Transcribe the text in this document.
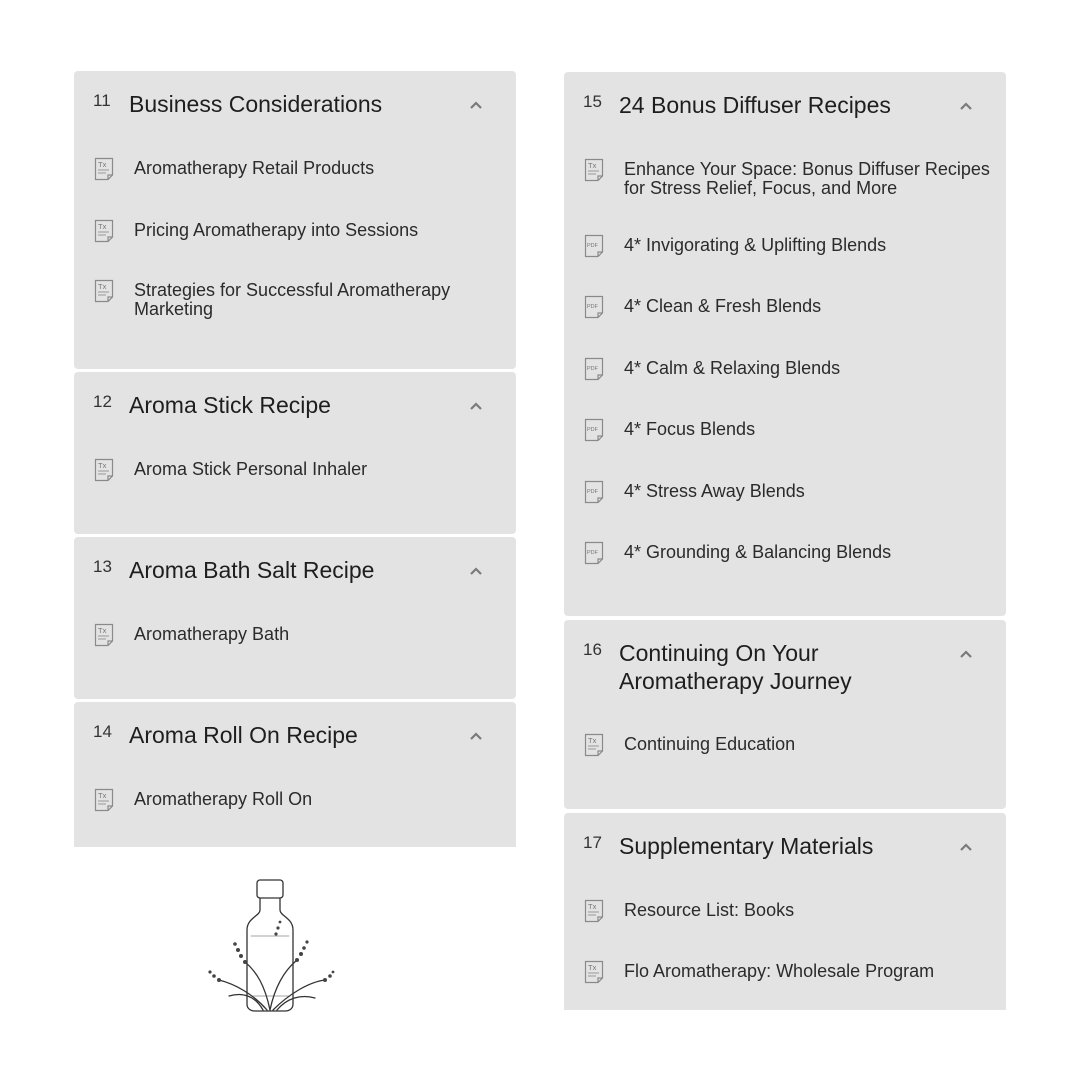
11 Business Considerations
Tx Aromatherapy Retail Products
Tx Pricing Aromatherapy into Sessions
Tx Strategies for Successful Aromatherapy Marketing
12 Aroma Stick Recipe
Tx Aroma Stick Personal Inhaler
13 Aroma Bath Salt Recipe
Tx Aromatherapy Bath
14 Aroma Roll On Recipe
Tx Aromatherapy Roll On
15 24 Bonus Diffuser Recipes
Tx Enhance Your Space: Bonus Diffuser Recipes for Stress Relief, Focus, and More
PDF 4* Invigorating & Uplifting Blends
PDF 4* Clean & Fresh Blends
PDF 4* Calm & Relaxing Blends
PDF 4* Focus Blends
PDF 4* Stress Away Blends
PDF 4* Grounding & Balancing Blends
16 Continuing On Your Aromatherapy Journey
Tx Continuing Education
17 Supplementary Materials
Tx Resource List: Books
Tx Flo Aromatherapy: Wholesale Program
